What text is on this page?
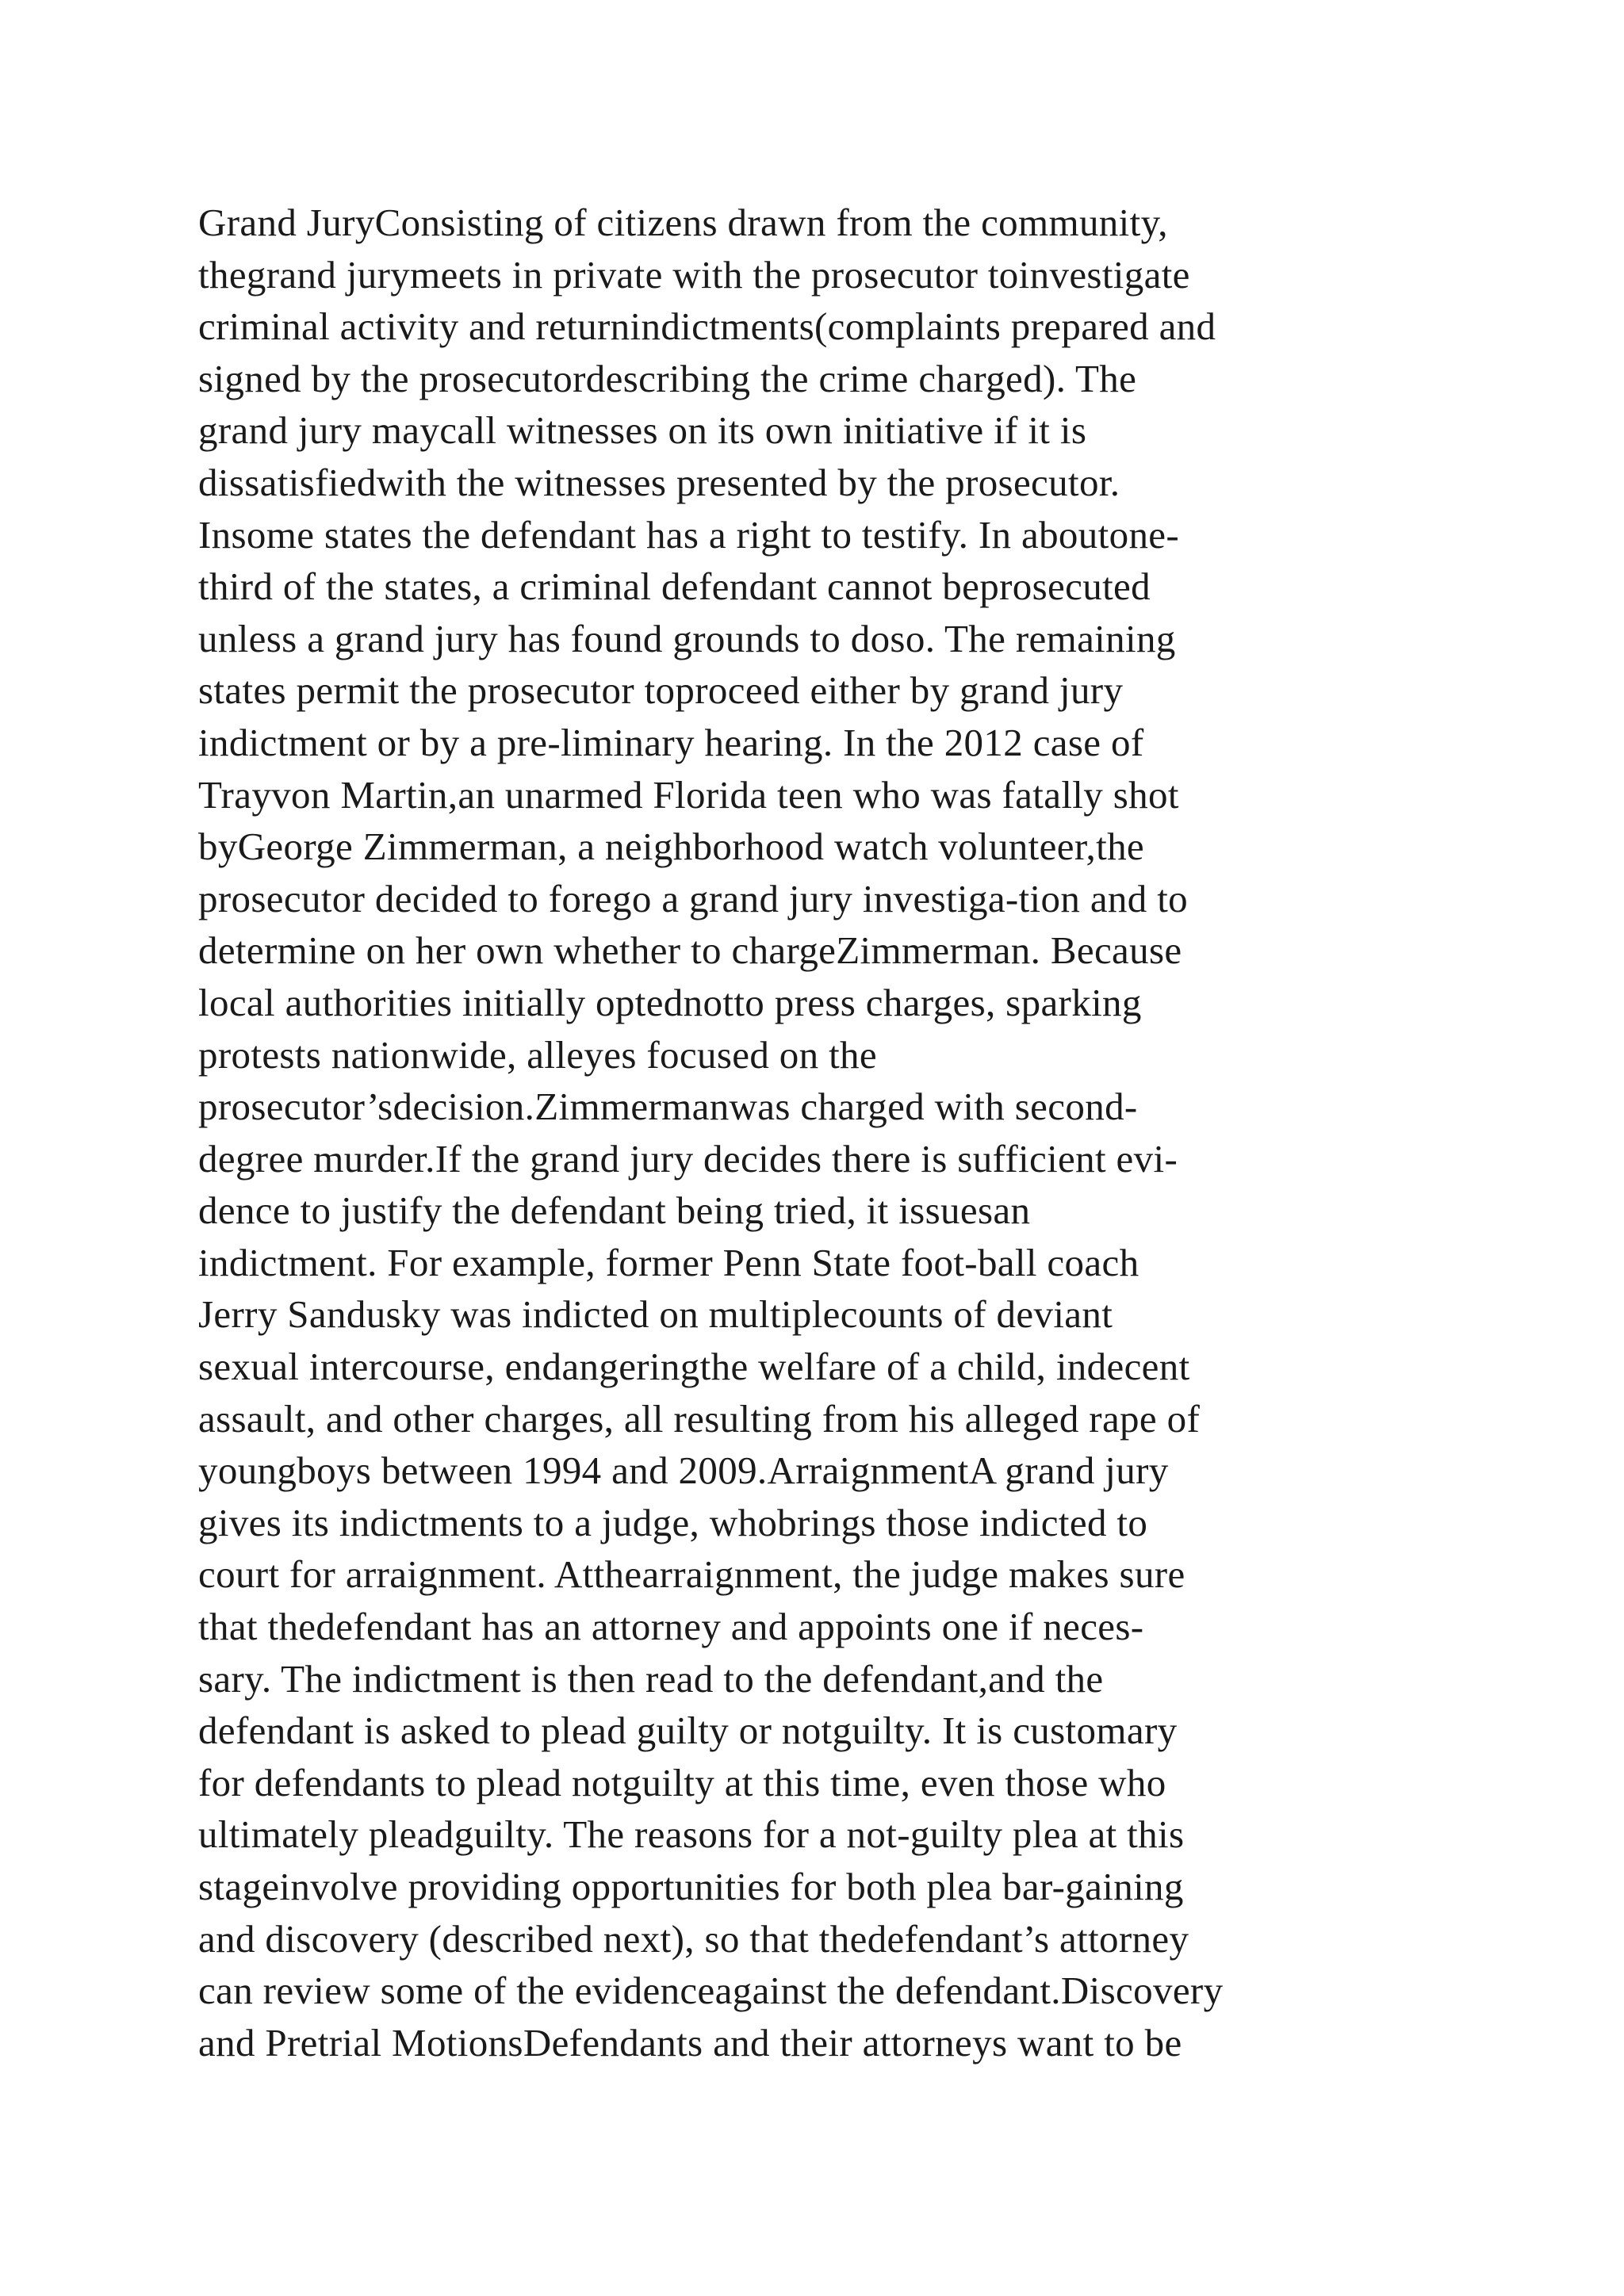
Grand JuryConsisting of citizens drawn from the community,
thegrand jurymeets in private with the prosecutor toinvestigate
criminal activity and returnindictments(complaints prepared and
signed by the prosecutordescribing the crime charged). The
grand jury maycall witnesses on its own initiative if it is
dissatisfiedwith the witnesses presented by the prosecutor.
Insome states the defendant has a right to testify. In aboutone-
third of the states, a criminal defendant cannot beprosecuted
unless a grand jury has found grounds to doso. The remaining
states permit the prosecutor toproceed either by grand jury
indictment or by a pre-liminary hearing. In the 2012 case of
Trayvon Martin,an unarmed Florida teen who was fatally shot
byGeorge Zimmerman, a neighborhood watch volunteer,the
prosecutor decided to forego a grand jury investiga-tion and to
determine on her own whether to chargeZimmerman. Because
local authorities initially optednotto press charges, sparking
protests nationwide, alleyes focused on the
prosecutor’sdecision.Zimmermanwas charged with second-
degree murder.If the grand jury decides there is sufficient evi-
dence to justify the defendant being tried, it issuesan
indictment. For example, former Penn State foot-ball coach
Jerry Sandusky was indicted on multiplecounts of deviant
sexual intercourse, endangeringthe welfare of a child, indecent
assault, and other charges, all resulting from his alleged rape of
youngboys between 1994 and 2009.ArraignmentA grand jury
gives its indictments to a judge, whobrings those indicted to
court for arraignment. Atthearraignment, the judge makes sure
that thedefendant has an attorney and appoints one if neces-
sary. The indictment is then read to the defendant,and the
defendant is asked to plead guilty or notguilty. It is customary
for defendants to plead notguilty at this time, even those who
ultimately pleadguilty. The reasons for a not-guilty plea at this
stageinvolve providing opportunities for both plea bar-gaining
and discovery (described next), so that thedefendant’s attorney
can review some of the evidenceagainst the defendant.Discovery
and Pretrial MotionsDefendants and their attorneys want to be
